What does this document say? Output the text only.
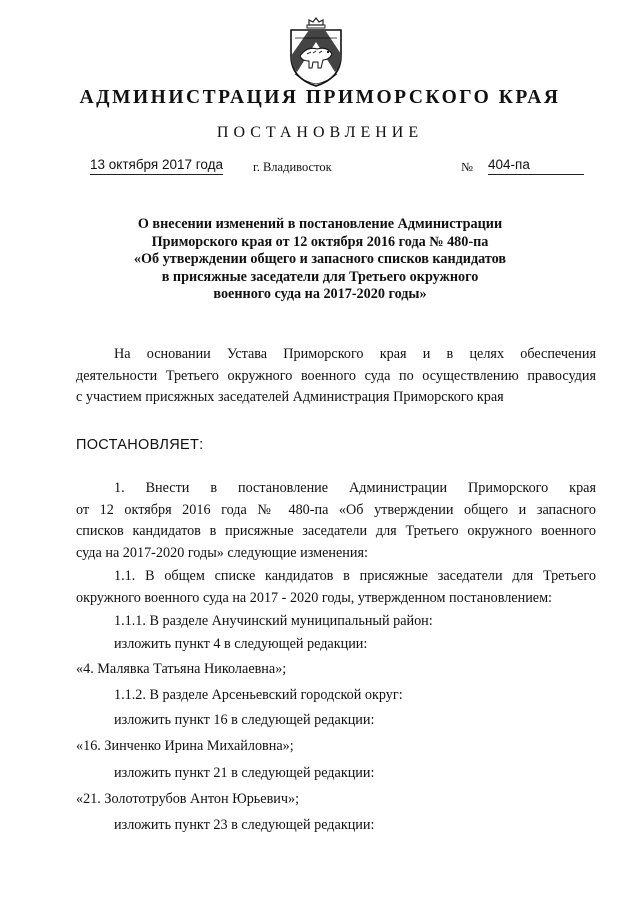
АДМИНИСТРАЦИЯ ПРИМОРСКОГО КРАЯ
ПОСТАНОВЛЕНИЕ
13 октября 2017 года г. Владивосток	№ 404-па
О внесении изменений в постановление Администрации
Приморского края от 12 октября 2016 года № 480-па
«Об утверждении общего и запасного списков кандидатов
в присяжные заседатели для Третьего окружного
военного суда на 2017-2020 годы»
На основании Устава Приморского края и в целях обеспечения
деятельности Третьего окружного военного суда по осуществлению правосудия
с участием присяжных заседателей Администрация Приморского края
ПОСТАНОВЛЯЕТ:
1. Внести в постановление Администрации Приморского края
от 12 октября 2016 года № 480-па «Об утверждении общего и запасного
списков кандидатов в присяжные заседатели для Третьего окружного военного
суда на 2017-2020 годы» следующие изменения:
1.1. В общем списке кандидатов в присяжные заседатели для Третьего
окружного военного суда на 2017 - 2020 годы, утвержденном постановлением:
1.1.1. В разделе Анучинский муниципальный район:
изложить пункт 4 в следующей редакции:
«4. Малявка Татьяна Николаевна»;
1.1.2. В разделе Арсеньевский городской округ:
изложить пункт 16 в следующей редакции:
«16. Зинченко Ирина Михайловна»;
изложить пункт 21 в следующей редакции:
«21. Золототрубов Антон Юрьевич»;
изложить пункт 23 в следующей редакции:
